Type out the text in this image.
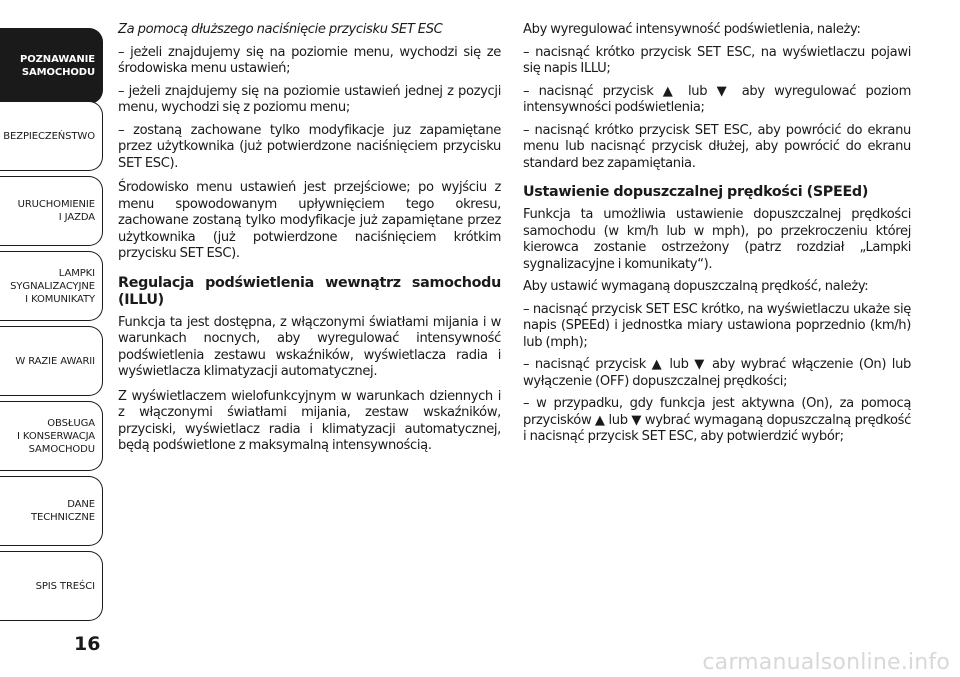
POZNAWANIE
SAMOCHODU
BEZPIECZEŃSTWO
URUCHOMIENIE
I JAZDA
LAMPKI
SYGNALIZACYJNE
I KOMUNIKATY
W RAZIE AWARII
OBSŁUGA
I KONSERWACJA
SAMOCHODU
DANE
TECHNICZNE
SPIS TREŚCI
16

Za pomocą dłuższego naciśnięcie przycisku SET ESC

– jeżeli znajdujemy się na poziomie menu, wychodzi się ze środowiska menu ustawień;

– jeżeli znajdujemy się na poziomie ustawień jednej z pozycji menu, wychodzi się z poziomu menu;

– zostaną zachowane tylko modyfikacje juz zapamiętane przez użytkownika (już potwierdzone naciśnięciem przycisku SET ESC).

Środowisko menu ustawień jest przejściowe; po wyjściu z menu spowodowanym upływnięciem tego okresu, zachowane zostaną tylko modyfikacje już zapamiętane przez użytkownika (już potwierdzone naciśnięciem krótkim przycisku SET ESC).

Regulacja podświetlenia wewnątrz samochodu (ILLU)

Funkcja ta jest dostępna, z włączonymi światłami mijania i w warunkach nocnych, aby wyregulować intensywność podświetlenia zestawu wskaźników, wyświetlacza radia i wyświetlacza klimatyzacji automatycznej.

Z wyświetlaczem wielofunkcyjnym w warunkach dziennych i z włączonymi światłami mijania, zestaw wskaźników, przyciski, wyświetlacz radia i klimatyzacji automatycznej, będą podświetlone z maksymalną intensywnością.

Aby wyregulować intensywność podświetlenia, należy:

– nacisnąć krótko przycisk SET ESC, na wyświetlaczu pojawi się napis ILLU;

– nacisnąć przycisk ▲ lub ▼ aby wyregulować poziom intensywności podświetlenia;

– nacisnąć krótko przycisk SET ESC, aby powrócić do ekranu menu lub nacisnąć przycisk dłużej, aby powrócić do ekranu standard bez zapamiętania.

Ustawienie dopuszczalnej prędkości (SPEEd)

Funkcja ta umożliwia ustawienie dopuszczalnej prędkości samochodu (w km/h lub w mph), po przekroczeniu której kierowca zostanie ostrzeżony (patrz rozdział „Lampki sygnalizacyjne i komunikaty“).

Aby ustawić wymaganą dopuszczalną prędkość, należy:

– nacisnąć przycisk SET ESC krótko, na wyświetlaczu ukaże się napis (SPEEd) i jednostka miary ustawiona poprzednio (km/h) lub (mph);

– nacisnąć przycisk ▲ lub ▼ aby wybrać włączenie (On) lub wyłączenie (OFF) dopuszczalnej prędkości;

– w przypadku, gdy funkcja jest aktywna (On), za pomocą przycisków ▲ lub ▼ wybrać wymaganą dopuszczalną prędkość i nacisnąć przycisk SET ESC, aby potwierdzić wybór;

carmanualsonline.info
